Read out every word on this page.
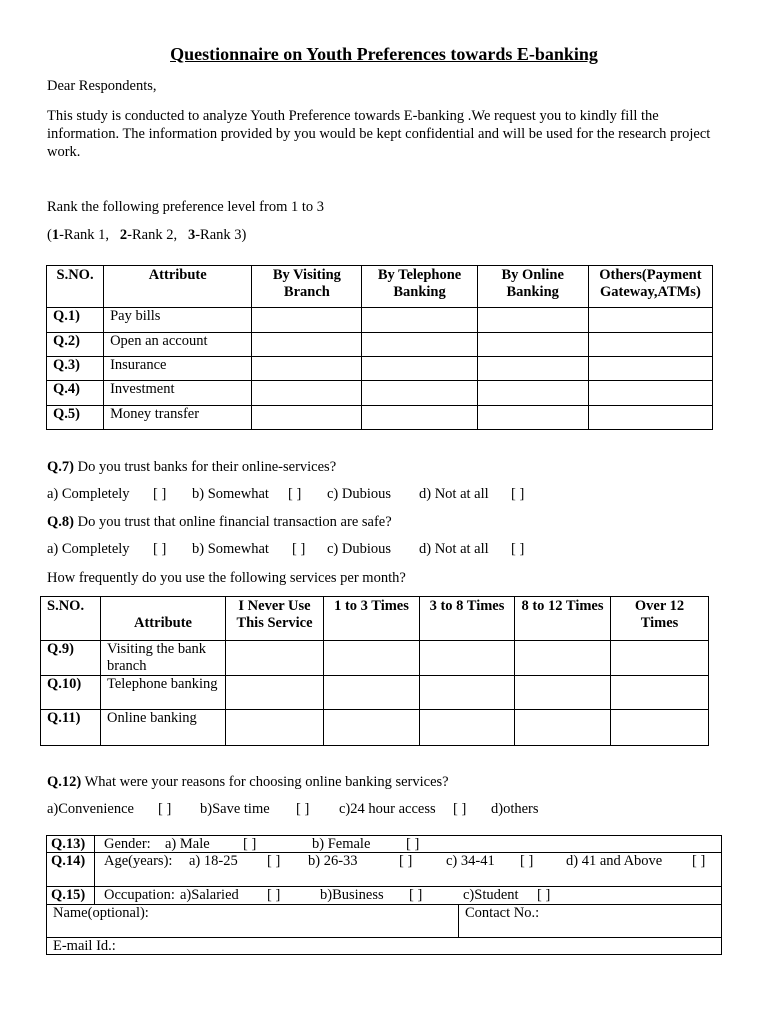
Questionnaire on Youth Preferences towards E-banking

Dear Respondents,

This study is conducted to analyze Youth Preference towards E-banking .We request you to kindly fill the information. The information provided by you would be kept confidential and will be used for the research project work.

Rank the following preference level from 1 to 3

(1-Rank 1, 2-Rank 2, 3-Rank 3)

S.NO.	Attribute	By Visiting Branch	By Telephone Banking	By Online Banking	Others(Payment Gateway,ATMs)
Q.1)	Pay bills				
Q.2)	Open an account				
Q.3)	Insurance				
Q.4)	Investment				
Q.5)	Money transfer				

Q.7) Do you trust banks for their online-services?

a) Completely [ ] b) Somewhat [ ] c) Dubious d) Not at all [ ]

Q.8) Do you trust that online financial transaction are safe?

a) Completely [ ] b) Somewhat [ ] c) Dubious d) Not at all [ ]

How frequently do you use the following services per month?

S.NO.	Attribute	I Never Use This Service	1 to 3 Times	3 to 8 Times	8 to 12 Times	Over 12 Times
Q.9)	Visiting the bank branch					
Q.10)	Telephone banking					
Q.11)	Online banking					

Q.12) What were your reasons for choosing online banking services?

a)Convenience [ ] b)Save time [ ] c)24 hour access [ ] d)others
Q.13) Gender: a) Male [ ]	b) Female [ ]
Q.14) Age(years): a) 18-25 [ ] b) 26-33	[ ] c) 34-41 [ ] d) 41 and Above [ ]
Q.15) Occupation: a)Salaried [ ]	b)Business [ ]	c)Student [ ]
Name(optional):	Contact No.:
E-mail Id.:
